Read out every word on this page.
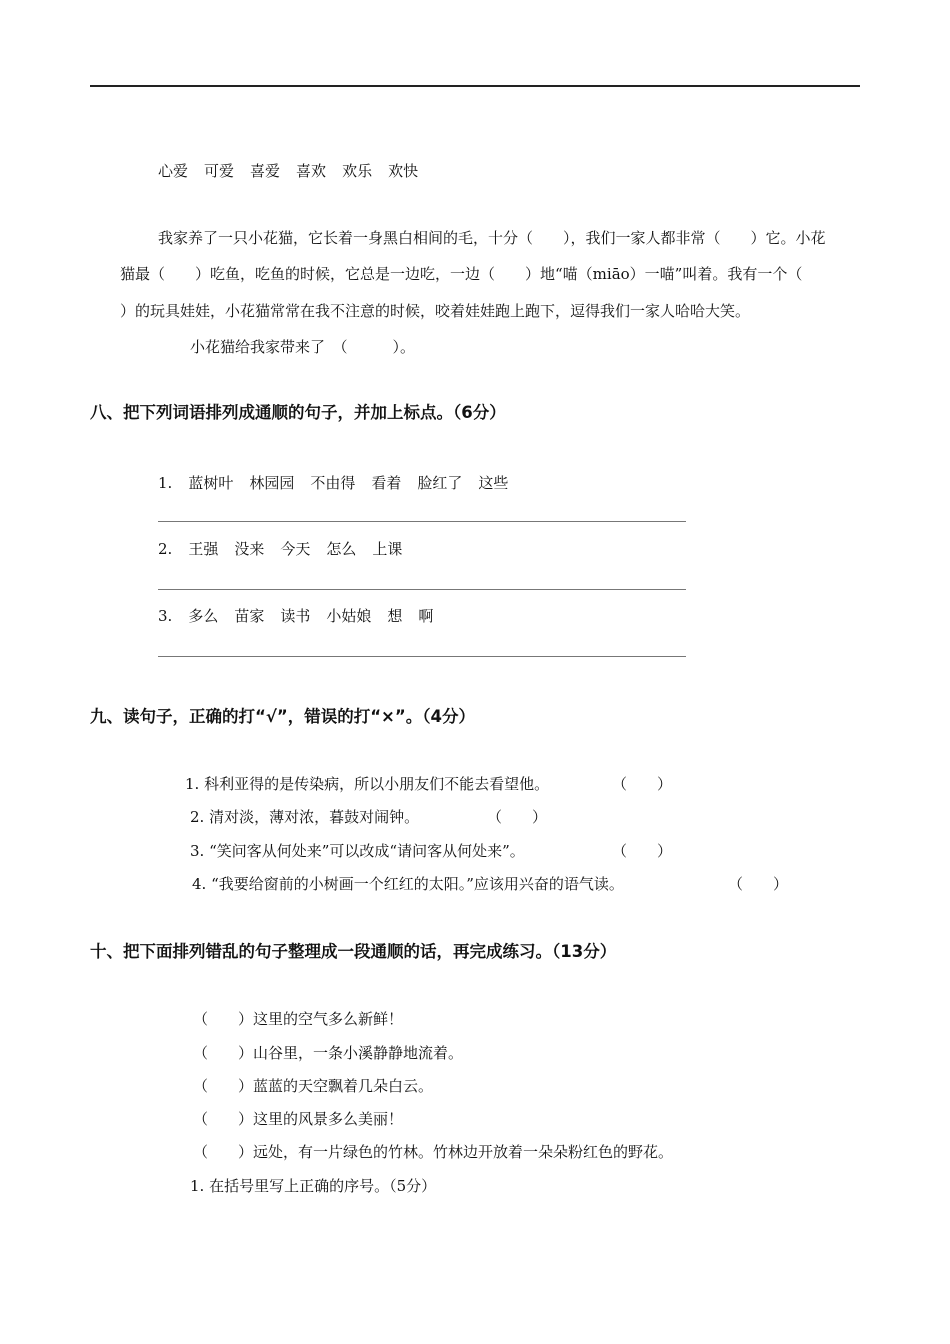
心爱 可爱 喜爱 喜欢 欢乐 欢快
我家养了一只小花猫，它长着一身黑白相间的毛，十分（　　），我们一家人都非常（　　）它。小花
猫最（　　）吃鱼，吃鱼的时候，它总是一边吃，一边（　　）地“喵（miāo）一喵”叫着。我有一个（
）的玩具娃娃，小花猫常常在我不注意的时候，咬着娃娃跑上跑下，逗得我们一家人哈哈大笑。
小花猫给我家带来了　（　　　）。
八、把下列词语排列成通顺的句子，并加上标点。（6分）
1. 蓝树叶 林园园 不由得 看着 脸红了 这些
2. 王强 没来 今天 怎么 上课
3. 多么 苗家 读书 小姑娘 想 啊
九、读句子，正确的打“√”，错误的打“×”。（4分）
1. 科利亚得的是传染病，所以小朋友们不能去看望他。	（　　）
2. 清对淡，薄对浓，暮鼓对闹钟。	（　　）
3. “笑问客从何处来”可以改成“请问客从何处来”。	（　　）
4. “我要给窗前的小树画一个红红的太阳。”应该用兴奋的语气读。	（　　）
十、把下面排列错乱的句子整理成一段通顺的话，再完成练习。（13分）
（　　）这里的空气多么新鲜！
（　　）山谷里，一条小溪静静地流着。
（　　）蓝蓝的天空飘着几朵白云。
（　　）这里的风景多么美丽！
（　　）远处，有一片绿色的竹林。竹林边开放着一朵朵粉红色的野花。
1. 在括号里写上正确的序号。（5分）
